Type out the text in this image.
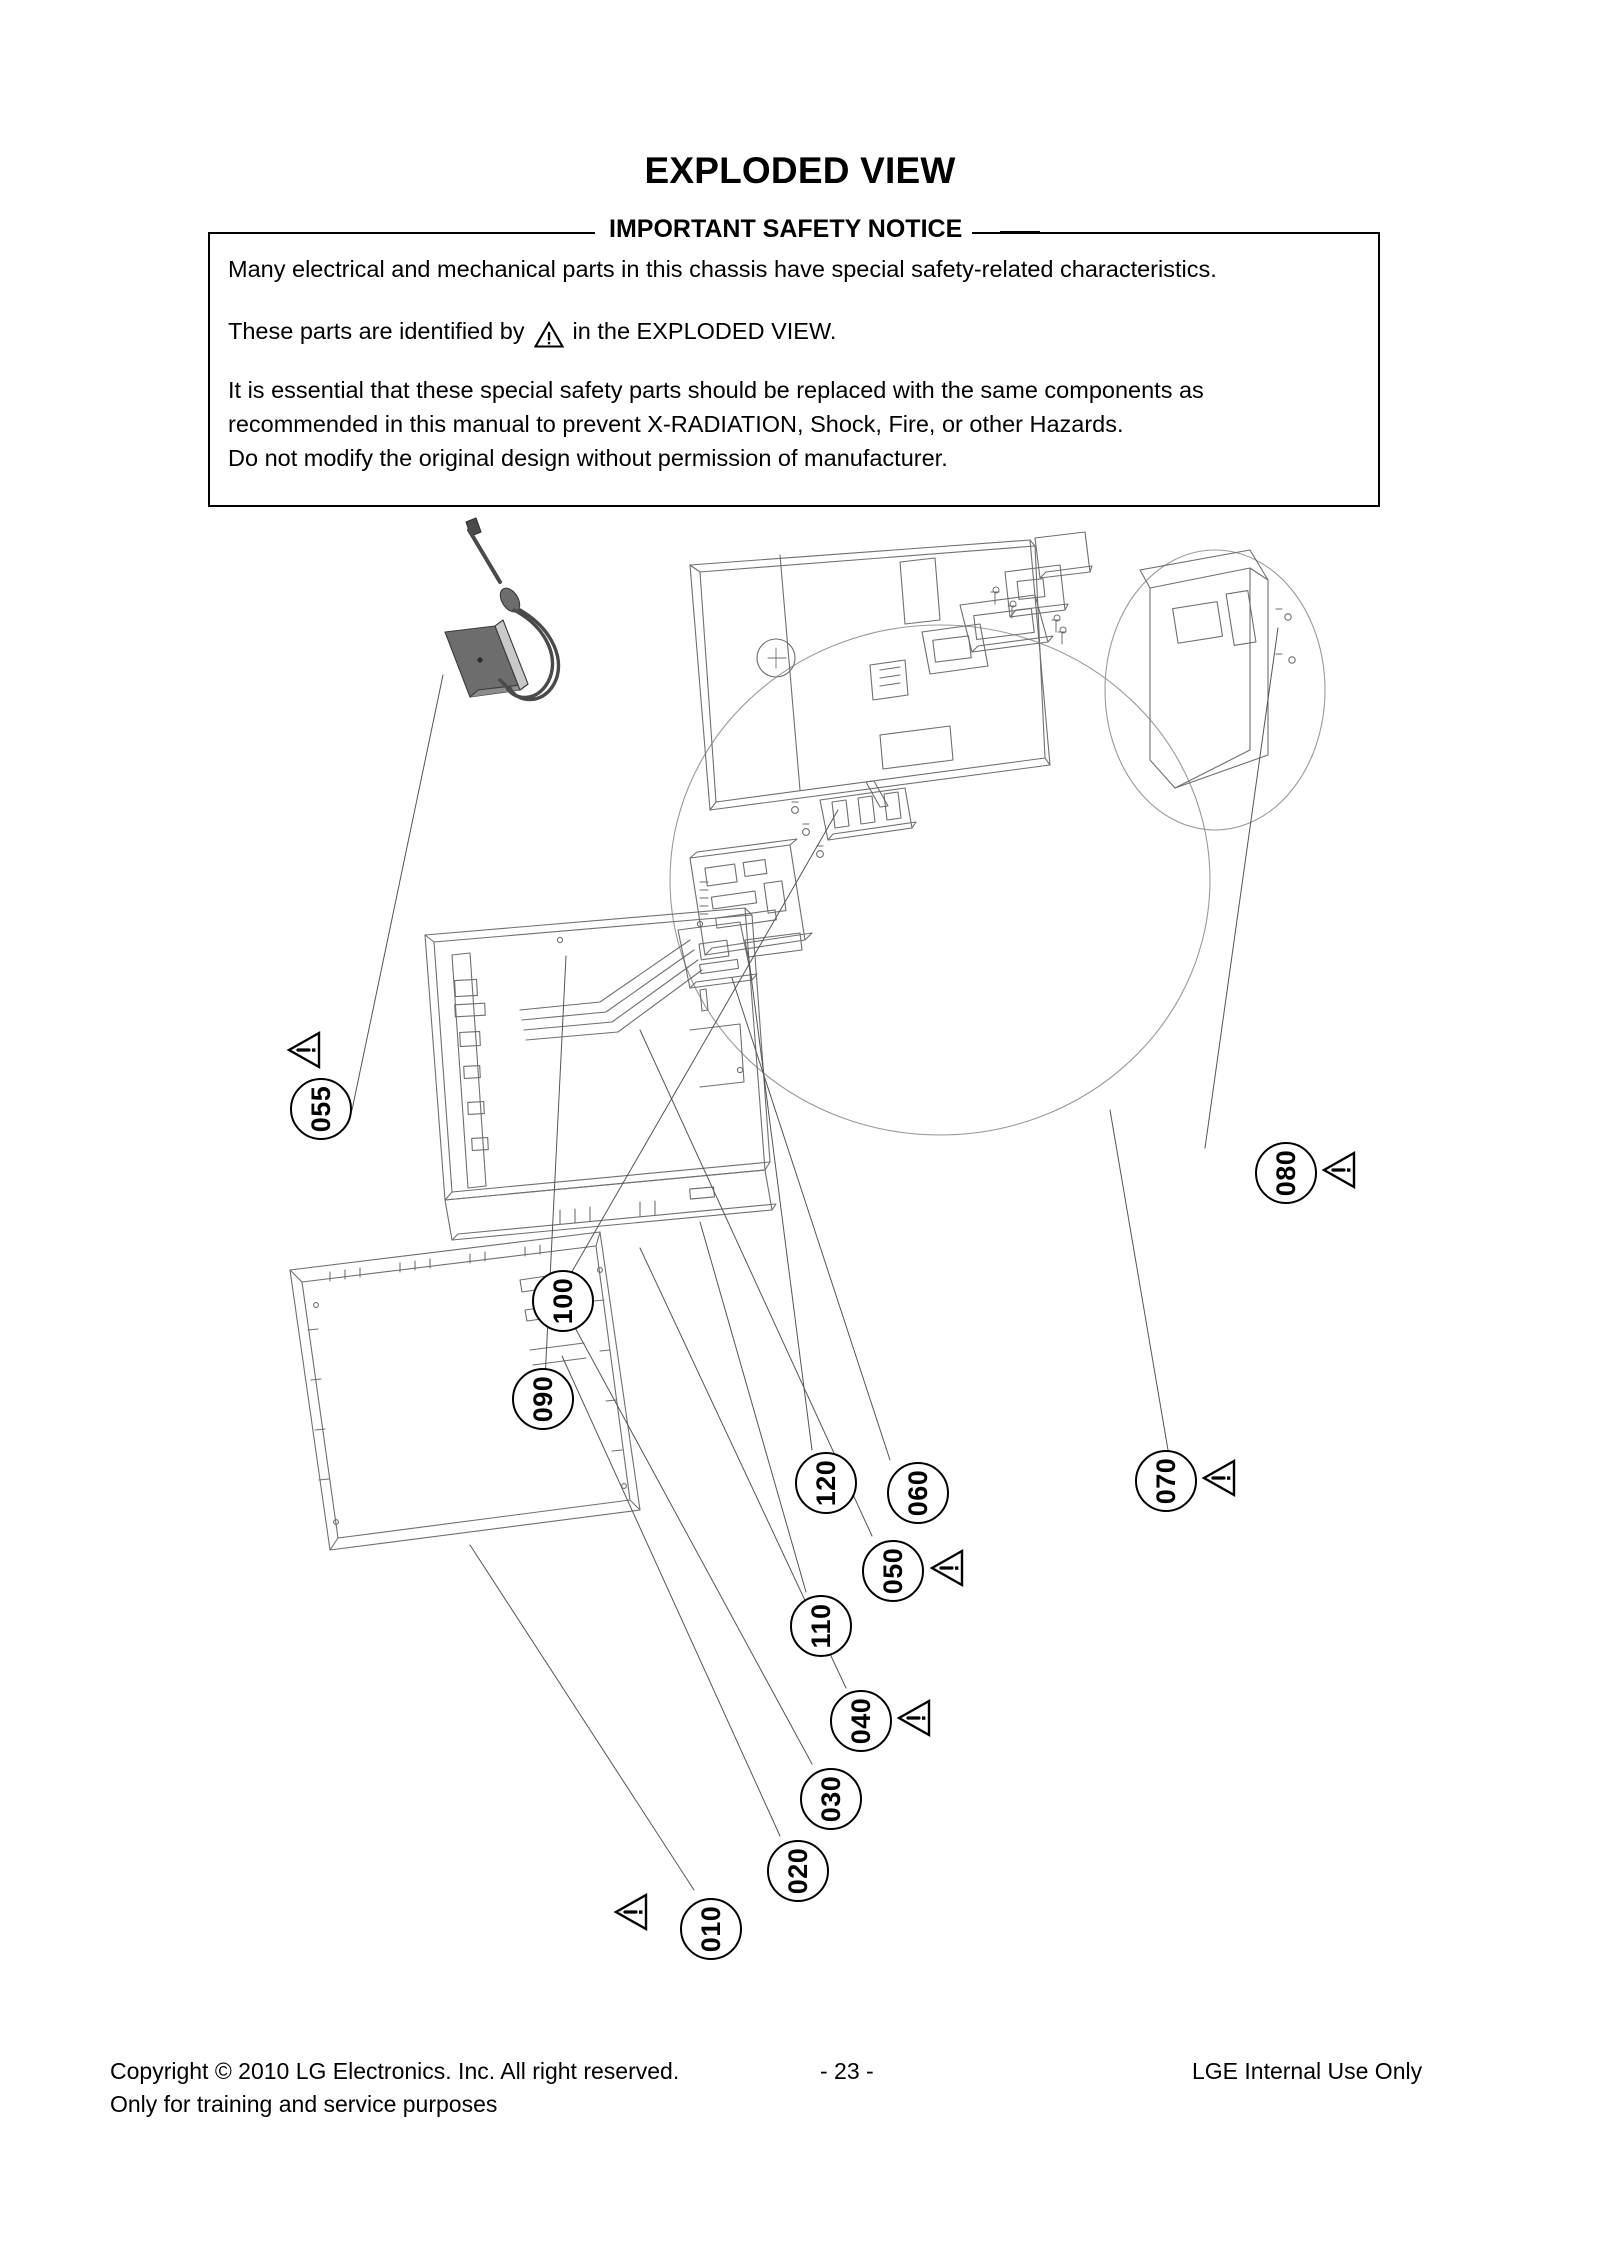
EXPLODED VIEW
IMPORTANT SAFETY NOTICE
Many electrical and mechanical parts in this chassis have special safety-related characteristics.
These parts are identified by in the EXPLODED VIEW.
It is essential that these special safety parts should be replaced with the same components as
recommended in this manual to prevent X-RADIATION, Shock, Fire, or other Hazards.
Do not modify the original design without permission of manufacturer.
055
080
100
090
070
120	060
050
110
040
030
020
010
Copyright © 2010 LG Electronics. Inc. All right reserved.	- 23 -	LGE Internal Use Only
Only for training and service purposes
